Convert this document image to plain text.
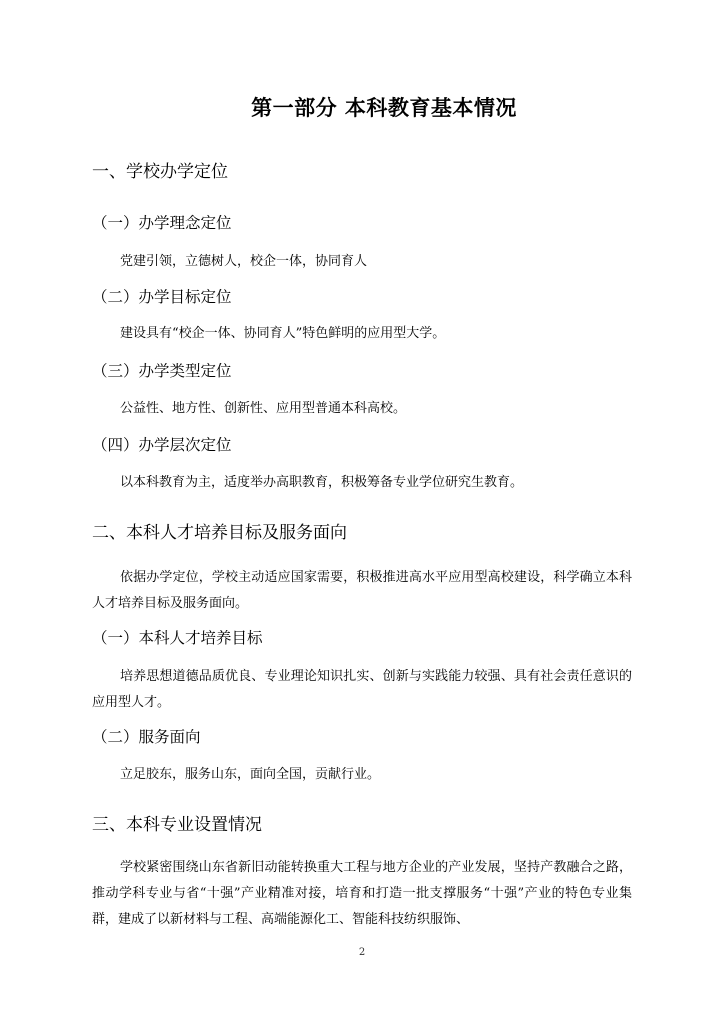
第一部分 本科教育基本情况
一、学校办学定位
（一）办学理念定位
党建引领，立德树人，校企一体，协同育人
（二）办学目标定位
建设具有“校企一体、协同育人”特色鲜明的应用型大学。
（三）办学类型定位
公益性、地方性、创新性、应用型普通本科高校。
（四）办学层次定位
以本科教育为主，适度举办高职教育，积极筹备专业学位研究生教育。
二、本科人才培养目标及服务面向
依据办学定位，学校主动适应国家需要，积极推进高水平应用型高校建设，科学确立本科人才培养目标及服务面向。
（一）本科人才培养目标
培养思想道德品质优良、专业理论知识扎实、创新与实践能力较强、具有社会责任意识的应用型人才。
（二）服务面向
立足胶东，服务山东，面向全国，贡献行业。
三、本科专业设置情况
学校紧密围绕山东省新旧动能转换重大工程与地方企业的产业发展，坚持产教融合之路，推动学科专业与省“十强”产业精准对接，培育和打造一批支撑服务“十强”产业的特色专业集群，建成了以新材料与工程、高端能源化工、智能科技纺织服饰、
2
